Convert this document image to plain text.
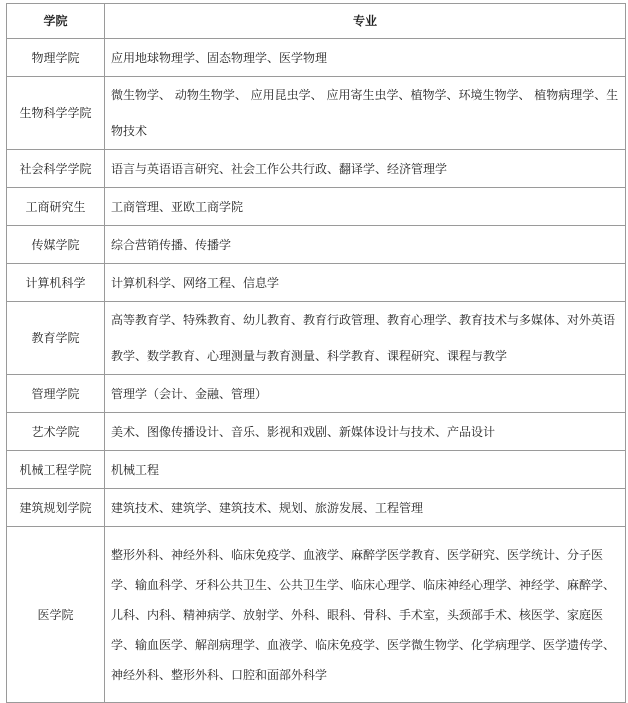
学院	专业
物理学院	应用地球物理学、固态物理学、医学物理
生物科学学院	微生物学、 动物生物学、 应用昆虫学、 应用寄生虫学、植物学、环境生物学、 植物病理学、生物技术
社会科学学院	语言与英语语言研究、社会工作公共行政、翻译学、经济管理学
工商研究生	工商管理、亚欧工商学院
传媒学院	综合营销传播、传播学
计算机科学	计算机科学、网络工程、信息学
教育学院	高等教育学、特殊教育、幼儿教育、教育行政管理、教育心理学、教育技术与多媒体、对外英语教学、数学教育、心理测量与教育测量、科学教育、课程研究、课程与教学
管理学院	管理学（会计、金融、管理）
艺术学院	美术、图像传播设计、音乐、影视和戏剧、新媒体设计与技术、产品设计
机械工程学院	机械工程
建筑规划学院	建筑技术、建筑学、建筑技术、规划、旅游发展、工程管理
医学院	整形外科、神经外科、临床免疫学、血液学、麻醉学医学教育、医学研究、医学统计、分子医学、输血科学、牙科公共卫生、公共卫生学、临床心理学、临床神经心理学、神经学、麻醉学、儿科、内科、精神病学、放射学、外科、眼科、骨科、手术室，头颈部手术、核医学、家庭医学、输血医学、解剖病理学、血液学、临床免疫学、医学微生物学、化学病理学、医学遗传学、神经外科、整形外科、口腔和面部外科学
